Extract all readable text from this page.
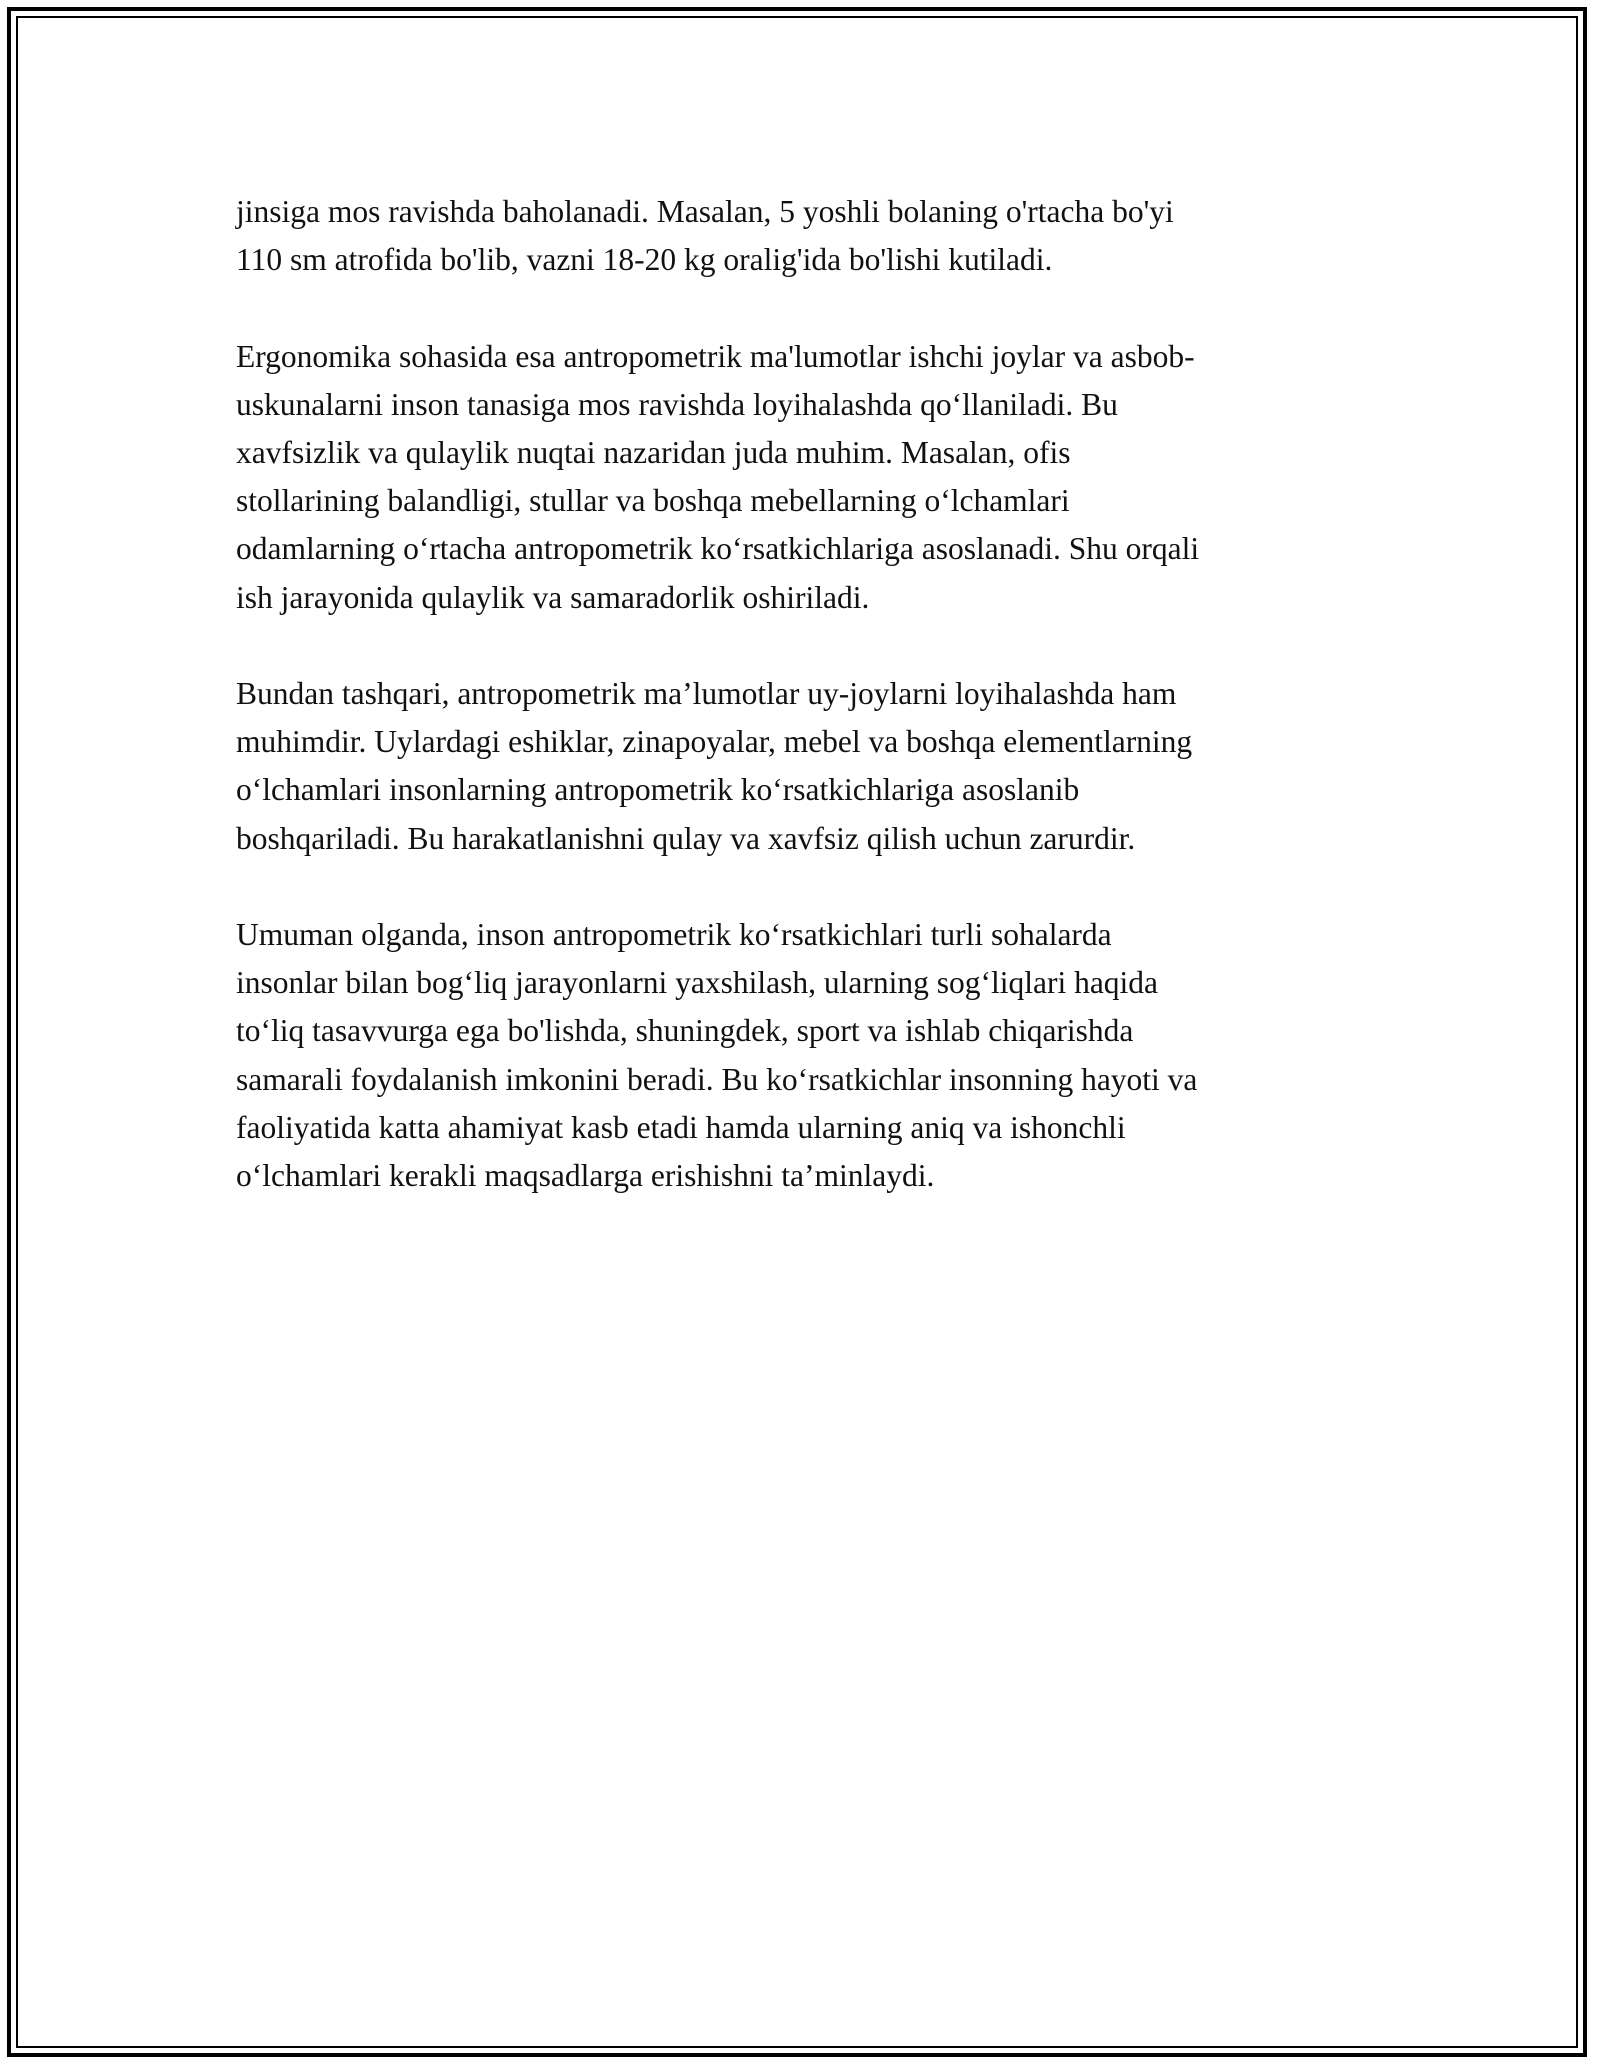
jinsiga mos ravishda baholanadi. Masalan, 5 yoshli bolaning o'rtacha bo'yi
110 sm atrofida bo'lib, vazni 18-20 kg oralig'ida bo'lishi kutiladi.

Ergonomika sohasida esa antropometrik ma'lumotlar ishchi joylar va asbob-
uskunalarni inson tanasiga mos ravishda loyihalashda qo‘llaniladi. Bu
xavfsizlik va qulaylik nuqtai nazaridan juda muhim. Masalan, ofis
stollarining balandligi, stullar va boshqa mebellarning o‘lchamlari
odamlarning o‘rtacha antropometrik ko‘rsatkichlariga asoslanadi. Shu orqali
ish jarayonida qulaylik va samaradorlik oshiriladi.

Bundan tashqari, antropometrik ma’lumotlar uy-joylarni loyihalashda ham
muhimdir. Uylardagi eshiklar, zinapoyalar, mebel va boshqa elementlarning
o‘lchamlari insonlarning antropometrik ko‘rsatkichlariga asoslanib
boshqariladi. Bu harakatlanishni qulay va xavfsiz qilish uchun zarurdir.

Umuman olganda, inson antropometrik ko‘rsatkichlari turli sohalarda
insonlar bilan bog‘liq jarayonlarni yaxshilash, ularning sog‘liqlari haqida
to‘liq tasavvurga ega bo'lishda, shuningdek, sport va ishlab chiqarishda
samarali foydalanish imkonini beradi. Bu ko‘rsatkichlar insonning hayoti va
faoliyatida katta ahamiyat kasb etadi hamda ularning aniq va ishonchli
o‘lchamlari kerakli maqsadlarga erishishni ta’minlaydi.
